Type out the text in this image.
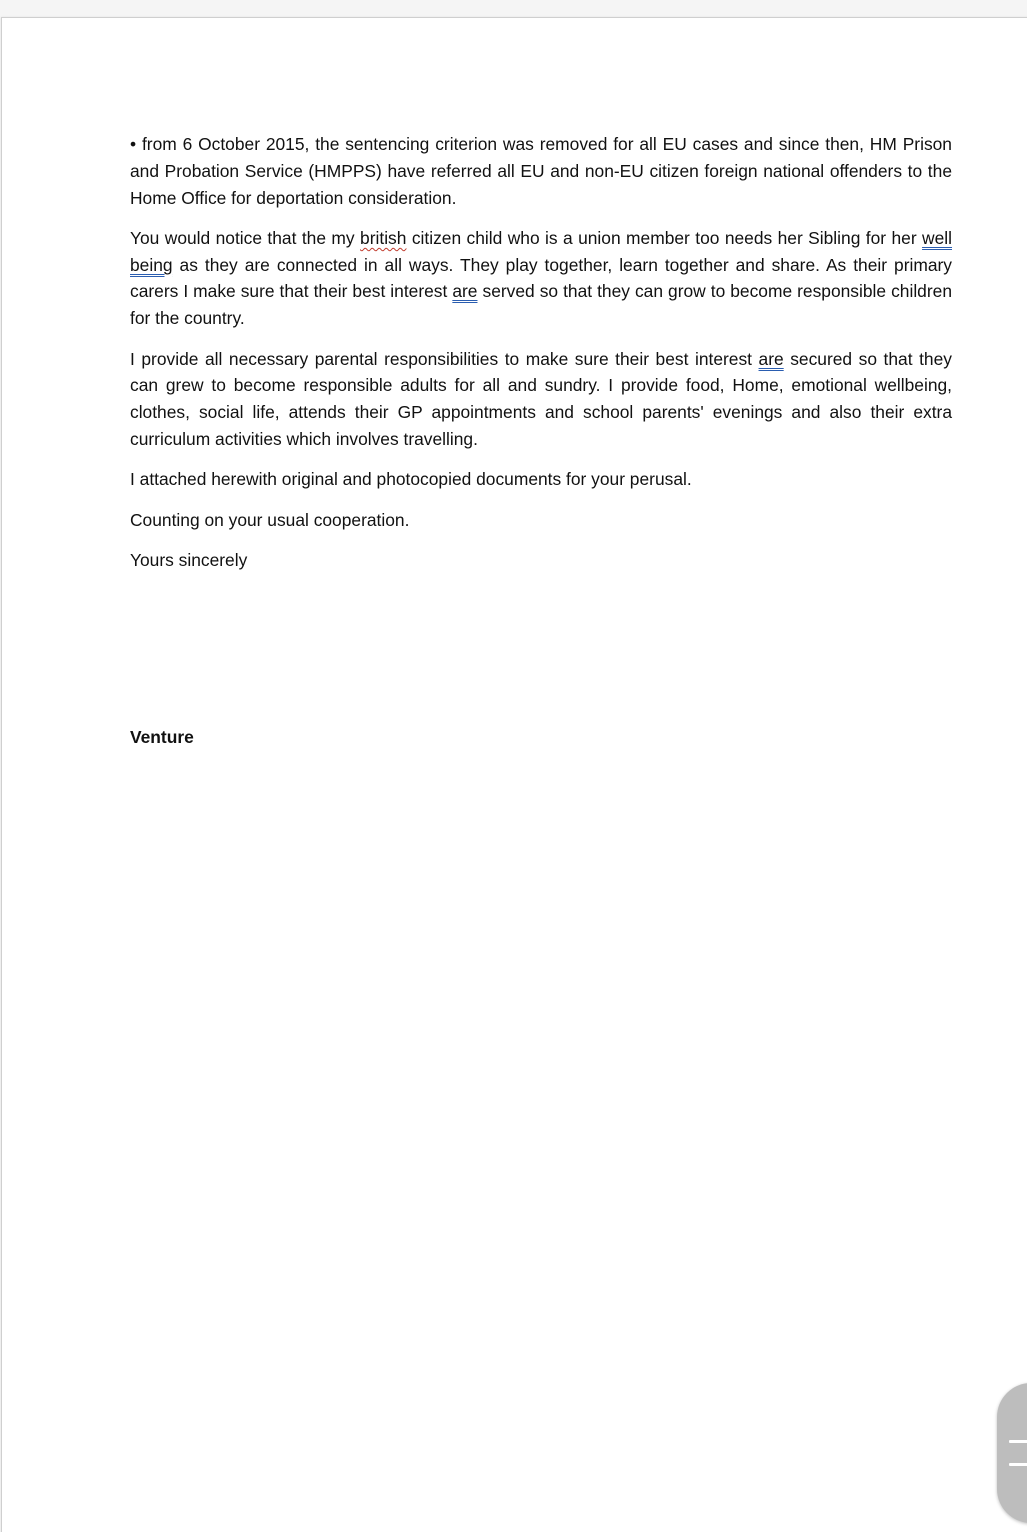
• from 6 October 2015, the sentencing criterion was removed for all EU cases and since then, HM Prison and Probation Service (HMPPS) have referred all EU and non-EU citizen foreign national offenders to the Home Office for deportation consideration.

You would notice that the my british citizen child who is a union member too needs her Sibling for her well being as they are connected in all ways. They play together, learn together and share. As their primary carers I make sure that their best interest are served so that they can grow to become responsible children for the country.

I provide all necessary parental responsibilities to make sure their best interest are secured so that they can grew to become responsible adults for all and sundry. I provide food, Home, emotional wellbeing, clothes, social life, attends their GP appointments and school parents' evenings and also their extra curriculum activities which involves travelling.

I attached herewith original and photocopied documents for your perusal.

Counting on your usual cooperation.

Yours sincerely

Venture
